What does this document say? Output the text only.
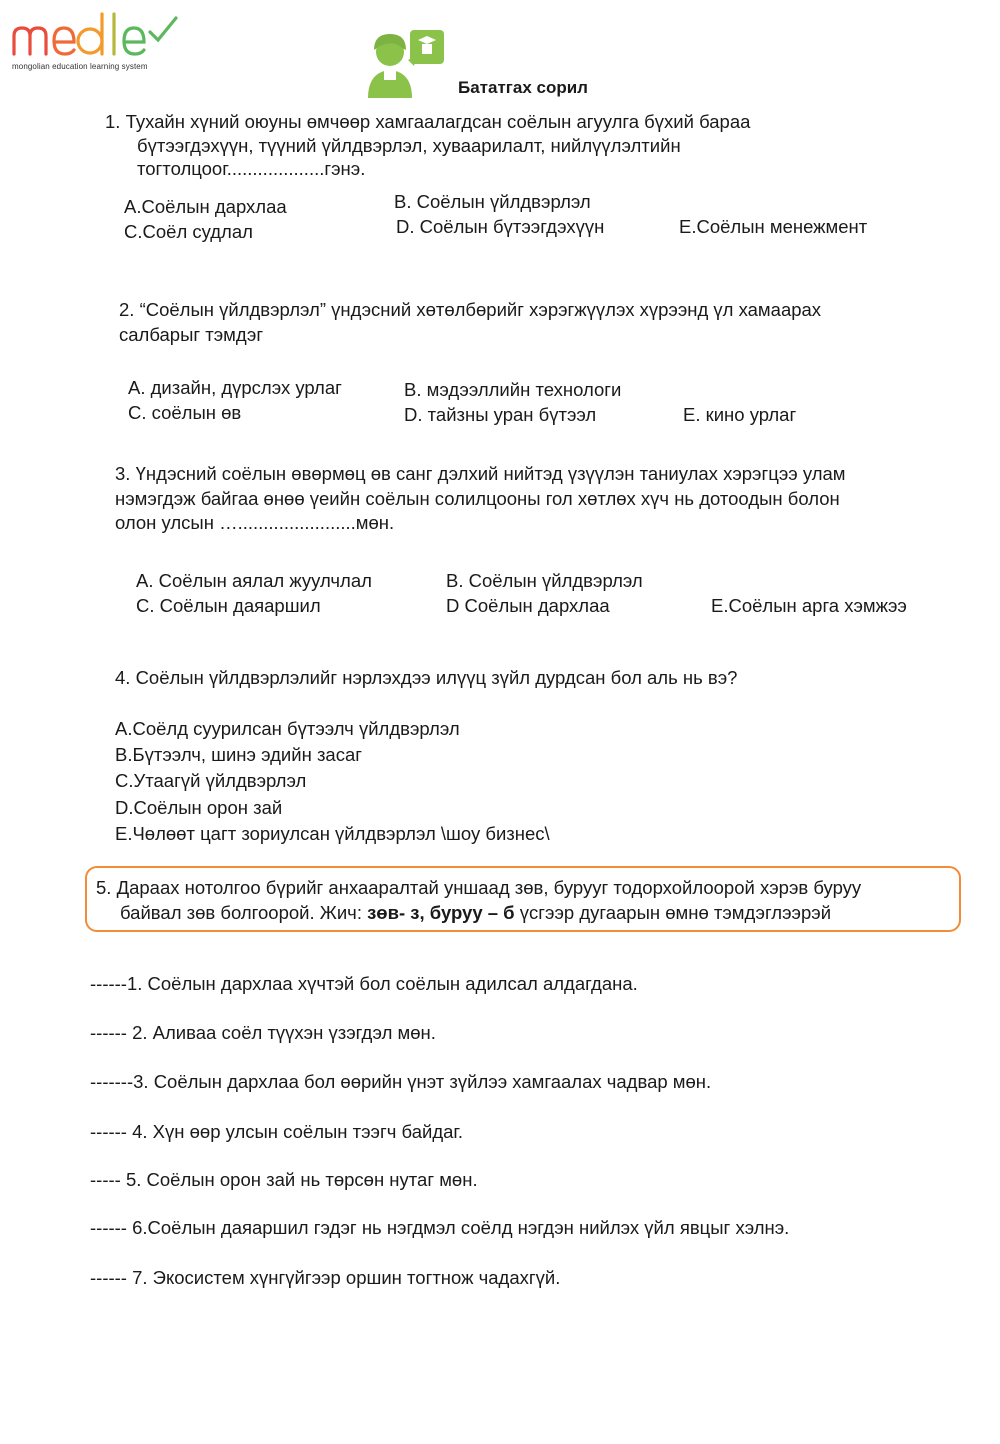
mongolian education learning system
Бататгах сорил
1. Тухайн хүний оюуны өмчөөр хамгаалагдсан соёлын агуулга бүхий бараа
бүтээгдэхүүн, түүний үйлдвэрлэл, хуваарилалт, нийлүүлэлтийн
тогтолцоог...................гэнэ.
А.Соёлын дархлаа	В. Соёлын үйлдвэрлэл
С.Соёл судлал	D. Соёлын бүтээгдэхүүн	Е.Соёлын менежмент
2. “Соёлын үйлдвэрлэл” үндэсний хөтөлбөрийг хэрэгжүүлэх хүрээнд үл хамаарах
салбарыг тэмдэг
А. дизайн, дүрслэх урлаг	В. мэдээллийн технологи
С. соёлын өв	D. тайзны уран бүтээл	Е. кино урлаг
3. Үндэсний соёлын өвөрмөц өв санг дэлхий нийтэд үзүүлэн таниулах хэрэгцээ улам
нэмэгдэж байгаа өнөө үеийн соёлын солилцооны гол хөтлөх хүч нь дотоодын болон
олон улсын ….......................мөн.
А. Соёлын аялал жуулчлал	В. Соёлын үйлдвэрлэл
С. Соёлын даяаршил	D Соёлын дархлаа	Е.Соёлын арга хэмжээ
4. Соёлын үйлдвэрлэлийг нэрлэхдээ илүүц зүйл дурдсан бол аль нь вэ?
А.Соёлд суурилсан бүтээлч үйлдвэрлэл
В.Бүтээлч, шинэ эдийн засаг
С.Утаагүй үйлдвэрлэл
D.Соёлын орон зай
Е.Чөлөөт цагт зориулсан үйлдвэрлэл \шоу бизнес\
5. Дараах нотолгоо бүрийг анхааралтай уншаад зөв, бурууг тодорхойлоорой хэрэв буруу
байвал зөв болгоорой. Жич: зөв- з, буруу – б үсгээр дугаарын өмнө тэмдэглээрэй
------1. Соёлын дархлаа хүчтэй бол соёлын адилсал алдагдана.
------ 2. Аливаа соёл түүхэн үзэгдэл мөн.
-------3. Соёлын дархлаа бол өөрийн үнэт зүйлээ хамгаалах чадвар мөн.
------ 4. Хүн өөр улсын соёлын тээгч байдаг.
----- 5. Соёлын орон зай нь төрсөн нутаг мөн.
------ 6.Соёлын даяаршил гэдэг нь нэгдмэл соёлд нэгдэн нийлэх үйл явцыг хэлнэ.
------ 7. Экосистем хүнгүйгээр оршин тогтнож чадахгүй.
